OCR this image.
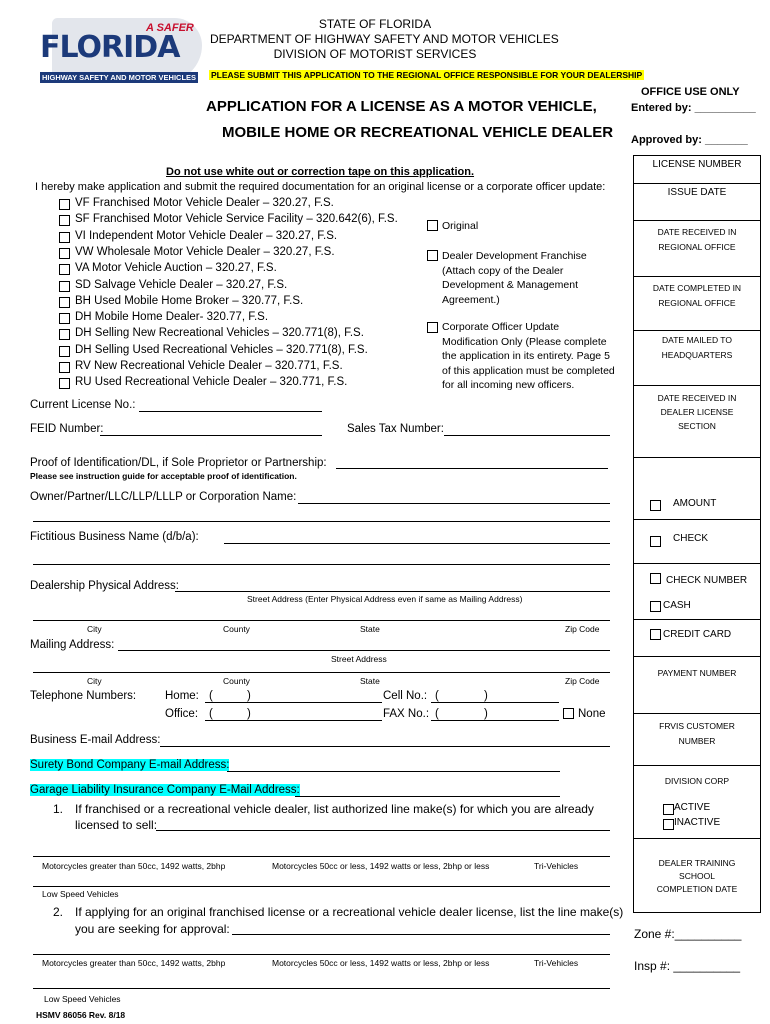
A SAFER
FLORIDA
HIGHWAY SAFETY AND MOTOR VEHICLES
STATE OF FLORIDA
DEPARTMENT OF HIGHWAY SAFETY AND MOTOR VEHICLES
DIVISION OF MOTORIST SERVICES
PLEASE SUBMIT THIS APPLICATION TO THE REGIONAL OFFICE RESPONSIBLE FOR YOUR DEALERSHIP
APPLICATION FOR A LICENSE AS A MOTOR VEHICLE,
MOBILE HOME OR RECREATIONAL VEHICLE DEALER
OFFICE USE ONLY
Entered by: __________
Approved by: _______
LICENSE NUMBER
ISSUE DATE
DATE RECEIVED IN
REGIONAL OFFICE
DATE COMPLETED IN
REGIONAL OFFICE
DATE MAILED TO
HEADQUARTERS
DATE RECEIVED IN
DEALER LICENSE
SECTION
AMOUNT
CHECK
CHECK NUMBER
CASH
CREDIT CARD
PAYMENT NUMBER
FRVIS CUSTOMER
NUMBER
DIVISION CORP
ACTIVE
INACTIVE
DEALER TRAINING
SCHOOL
COMPLETION DATE
Zone #:__________
Insp #: __________
Do not use white out or correction tape on this application.
I hereby make application and submit the required documentation for an original license or a corporate officer update:
VF Franchised Motor Vehicle Dealer – 320.27, F.S.
SF Franchised Motor Vehicle Service Facility – 320.642(6), F.S.
VI Independent Motor Vehicle Dealer – 320.27, F.S.
VW Wholesale Motor Vehicle Dealer – 320.27, F.S.
VA Motor Vehicle Auction – 320.27, F.S.
SD Salvage Vehicle Dealer – 320.27, F.S.
BH Used Mobile Home Broker – 320.77, F.S.
DH Mobile Home Dealer- 320.77, F.S.
DH Selling New Recreational Vehicles – 320.771(8), F.S.
DH Selling Used Recreational Vehicles – 320.771(8), F.S.
RV New Recreational Vehicle Dealer – 320.771, F.S.
RU Used Recreational Vehicle Dealer – 320.771, F.S.
Original
Dealer Development Franchise
(Attach copy of the Dealer
Development & Management
Agreement.)
Corporate Officer Update
Modification Only (Please complete
the application in its entirety. Page 5
of this application must be completed
for all incoming new officers.
Current License No.:
FEID Number:	Sales Tax Number:
Proof of Identification/DL, if Sole Proprietor or Partnership:
Please see instruction guide for acceptable proof of identification.
Owner/Partner/LLC/LLP/LLLP or Corporation Name:
Fictitious Business Name (d/b/a):
Dealership Physical Address:
Street Address (Enter Physical Address even if same as Mailing Address)
City	County	State	Zip Code
Mailing Address:
Street Address
City	County	State	Zip Code
Telephone Numbers:	Home: (	)	Cell No.: (	)
Office: (	)	FAX No.: (	)	None
Business E-mail Address:
Surety Bond Company E-mail Address:
Garage Liability Insurance Company E-Mail Address:
1. If franchised or a recreational vehicle dealer, list authorized line make(s) for which you are already
licensed to sell:
Motorcycles greater than 50cc, 1492 watts, 2bhp	Motorcycles 50cc or less, 1492 watts or less, 2bhp or less	Tri-Vehicles
Low Speed Vehicles
2. If applying for an original franchised license or a recreational vehicle dealer license, list the line make(s)
you are seeking for approval:
Motorcycles greater than 50cc, 1492 watts, 2bhp	Motorcycles 50cc or less, 1492 watts or less, 2bhp or less	Tri-Vehicles
Low Speed Vehicles
HSMV 86056 Rev. 8/18
